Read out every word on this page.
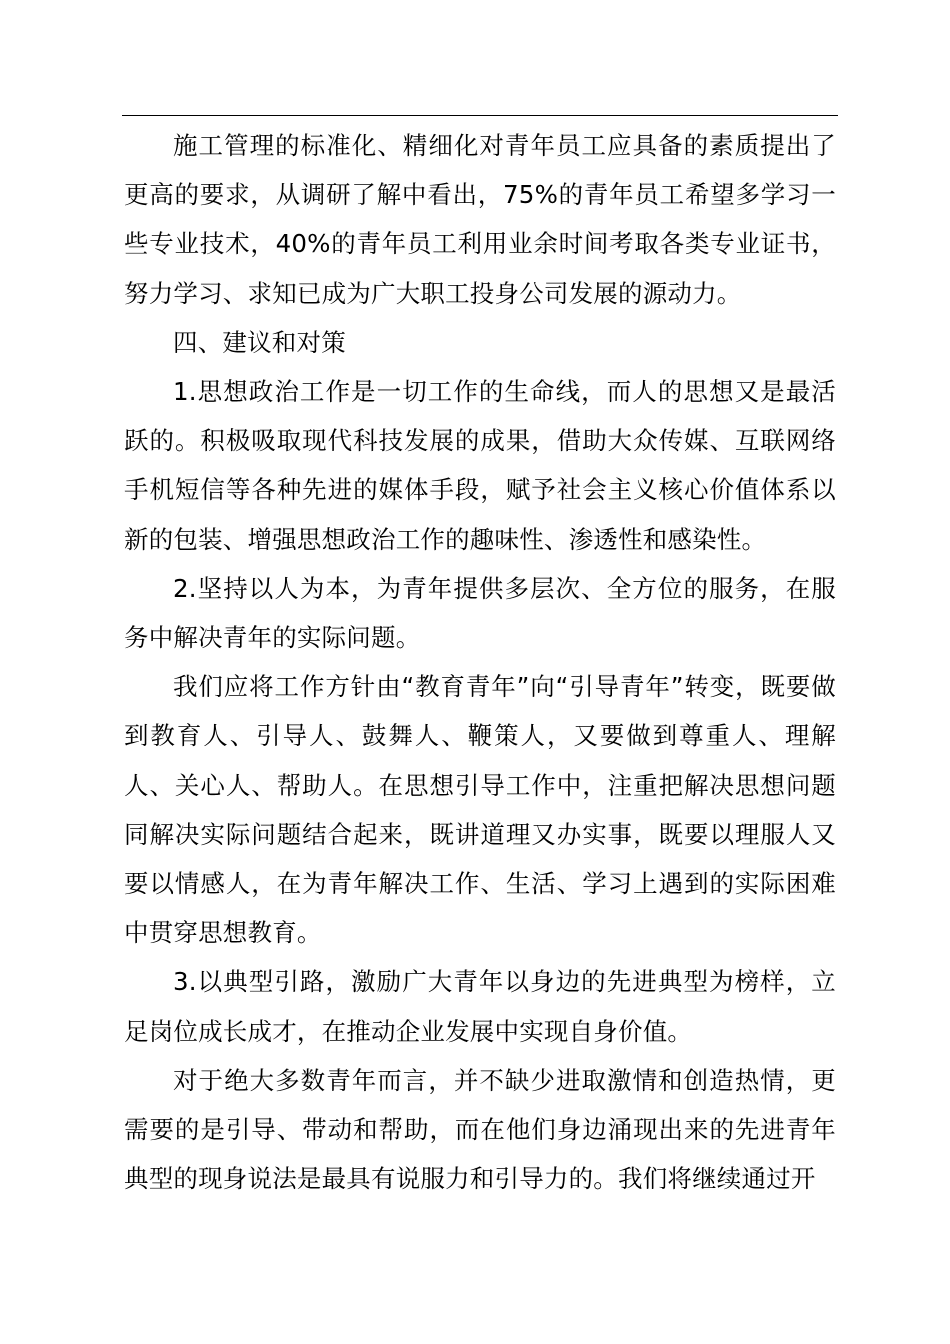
施工管理的标准化、精细化对青年员工应具备的素质提出了更高的要求，从调研了解中看出，75%的青年员工希望多学习一些专业技术，40%的青年员工利用业余时间考取各类专业证书，努力学习、求知已成为广大职工投身公司发展的源动力。

四、建议和对策

1.思想政治工作是一切工作的生命线，而人的思想又是最活跃的。积极吸取现代科技发展的成果，借助大众传媒、互联网络手机短信等各种先进的媒体手段，赋予社会主义核心价值体系以新的包装、增强思想政治工作的趣味性、渗透性和感染性。

2.坚持以人为本，为青年提供多层次、全方位的服务，在服务中解决青年的实际问题。

我们应将工作方针由“教育青年”向“引导青年”转变，既要做到教育人、引导人、鼓舞人、鞭策人，又要做到尊重人、理解人、关心人、帮助人。在思想引导工作中，注重把解决思想问题同解决实际问题结合起来，既讲道理又办实事，既要以理服人又要以情感人，在为青年解决工作、生活、学习上遇到的实际困难中贯穿思想教育。

3.以典型引路，激励广大青年以身边的先进典型为榜样，立足岗位成长成才，在推动企业发展中实现自身价值。

对于绝大多数青年而言，并不缺少进取激情和创造热情，更需要的是引导、带动和帮助，而在他们身边涌现出来的先进青年典型的现身说法是最具有说服力和引导力的。我们将继续通过开
